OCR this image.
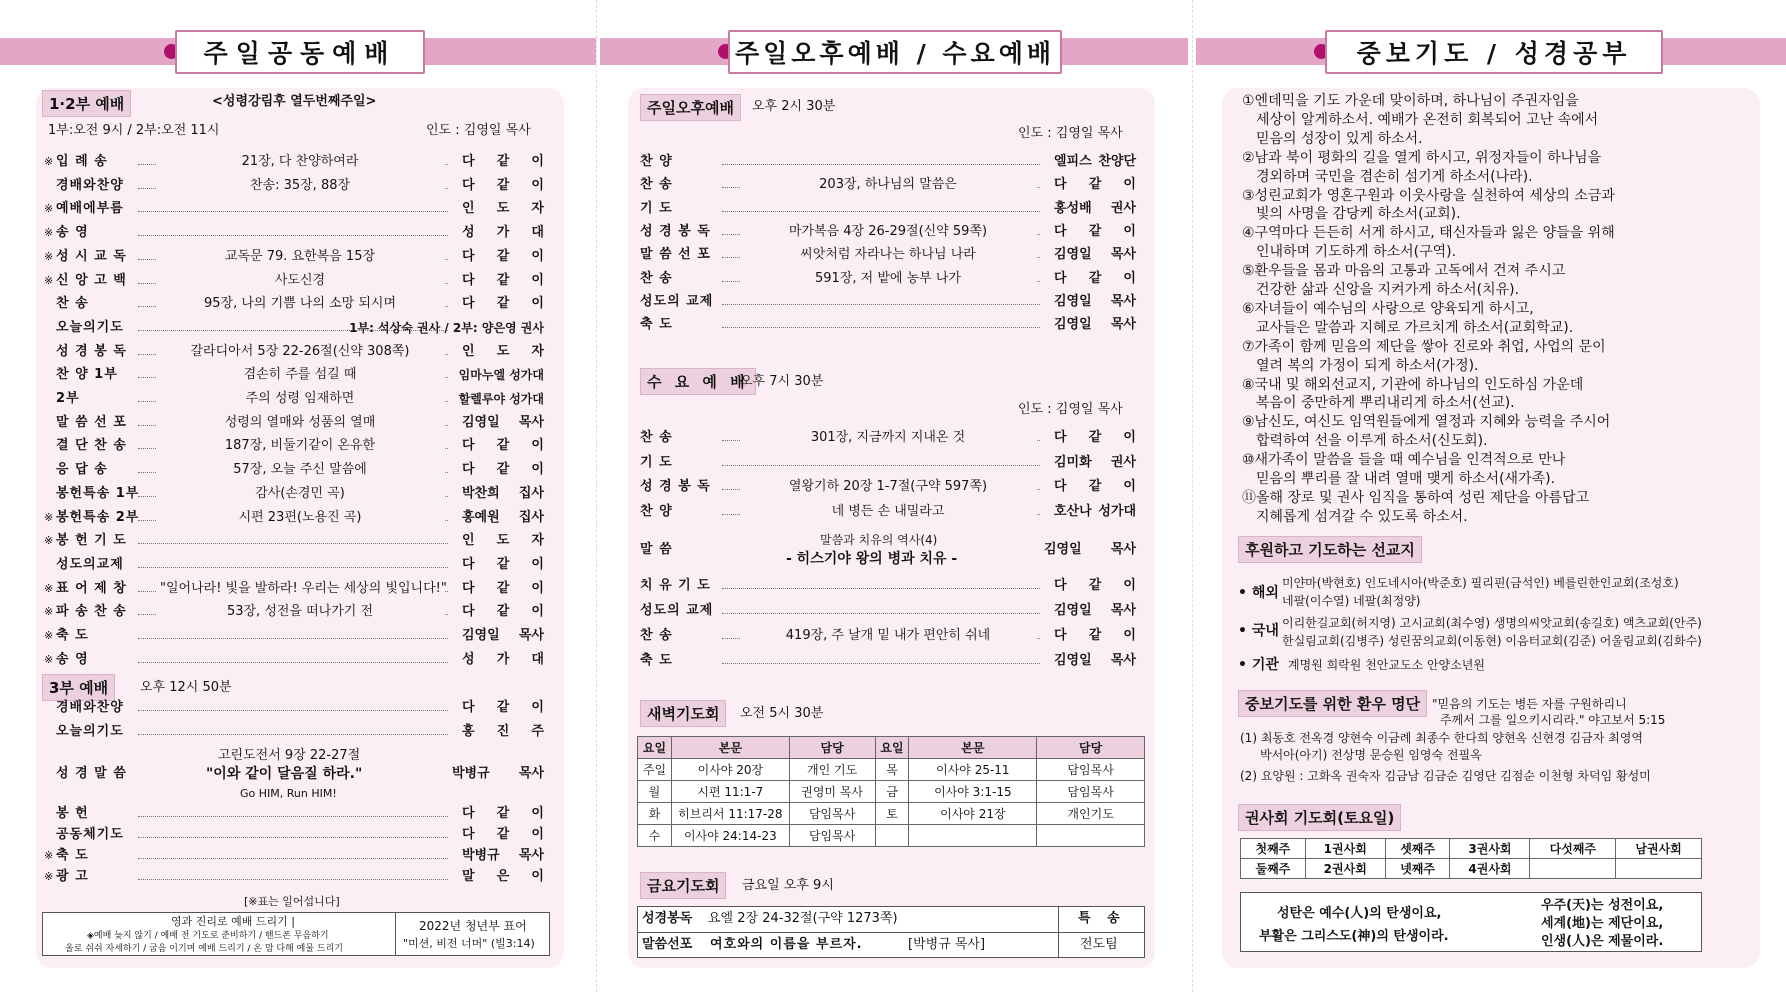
주일공동예배	주일오후예배 / 수요예배	중보기도 / 성경공부
1·2부 예배	<성령강림후 열두번째주일>
1부:오전 9시 / 2부:오전 11시	인도 : 김영일 목사
※ 입 례 송	21장, 다 찬양하여라	다 같 이
경배와찬양	찬송: 35장, 88장	다 같 이
※ 예배에부름	인 도 자
※ 송 영	성 가 대
※ 성 시 교 독	교독문 79. 요한복음 15장	다 같 이
※ 신 앙 고 백	사도신경	다 같 이
찬 송	95장, 나의 기쁨 나의 소망 되시며	다 같 이
오늘의기도	1부: 석상숙 권사 / 2부: 양은영 권사
성 경 봉 독	갈라디아서 5장 22-26절(신약 308쪽)	인 도 자
찬 양 1부	겸손히 주를 섬길 때	임마누엘 성가대
2부	주의 성령 임재하면	할렐루야 성가대
말 씀 선 포	성령의 열매와 성품의 열매	김영일 목사
결 단 찬 송	187장, 비둘기같이 온유한	다 같 이
응 답 송	57장, 오늘 주신 말씀에	다 같 이
봉헌특송 1부	감사(손경민 곡)	박찬희 집사
※ 봉헌특송 2부	시편 23편(노용진 곡)	홍예원 집사
※ 봉 헌 기 도	인 도 자
성도의교제	다 같 이
※ 표 어 제 창	"일어나라! 빛을 발하라! 우리는 세상의 빛입니다!" 다 같 이
※ 파 송 찬 송	53장, 성전을 떠나가기 전	다 같 이
※ 축 도	김영일 목사
※ 송 영	성 가 대
3부 예배	오후 12시 50분
경배와찬양	다 같 이
오늘의기도	홍 진 주
봉 헌	다 같 이
공동체기도	다 같 이
※ 축 도	박병규 목사
※ 광 고	말 은 이
성 경 말 씀	박병규 목사
고린도전서 9장 22-27절
"이와 같이 달음질 하라."
Go HIM, Run HIM!
[※표는 일어섭니다]
영과 진리로 예배 드리기 |
◈예배 늦지 않기 / 예배 전 기도로 준비하기 / 핸드폰 무음하기
올로 쉬쉬 자세하기 / 굽음 이기며 예배 드리기 / 온 맘 다해 예물 드리기
2022년 청년부 표어
"미션, 비전 너머" (빌3:14)
주일오후예배	오후 2시 30분
인도 : 김영일 목사
찬 양	엘피스 찬양단
찬 송	203장, 하나님의 말씀은	다 같 이
기 도	홍성배 권사
성 경 봉 독	마가복음 4장 26-29절(신약 59쪽)	다 같 이
말 씀 선 포	씨앗처럼 자라나는 하나님 나라	김영일 목사
찬 송	591장, 저 밭에 농부 나가	다 같 이
성도의 교제	김영일 목사
축 도	김영일 목사
수 요 예 배
오후 7시 30분
인도 : 김영일 목사
찬 송	301장, 지금까지 지내온 것	다 같 이
기 도	김미화 권사
성 경 봉 독	열왕기하 20장 1-7절(구약 597쪽)	다 같 이
찬 양	네 병든 손 내밀라고	호산나 성가대
말 씀	김영일 목사
말씀과 치유의 역사(4)
- 히스기야 왕의 병과 치유 -
치 유 기 도	다 같 이
성도의 교제	김영일 목사
찬 송	419장, 주 날개 밑 내가 편안히 쉬네	다 같 이
축 도	김영일 목사
새벽기도회	오전 5시 30분
요일	본문	담당	요일	본문	담당
주일	이사야 20장	개인 기도	목	이사야 25-11	담임목사
월	시편 11:1-7	권영미 목사	금	이사야 3:1-15	담임목사
화	히브리서 11:17-28	담임목사	토	이사야 21장	개인기도
수	이사야 24:14-23	담임목사			
금요기도회	금요일 오후 9시
성경봉독 요엘 2장 24-32절(구약 1273쪽)	특 송
말씀선포 여호와의 이름을 부르자.	[박병규 목사]	전도팀
①엔데믹을 기도 가운데 맞이하며, 하나님이 주권자임을
세상이 알게하소서. 예배가 온전히 회복되어 고난 속에서
믿음의 성장이 있게 하소서.
②남과 북이 평화의 길을 열게 하시고, 위정자들이 하나님을
경외하며 국민을 겸손히 섬기게 하소서(나라).
③성린교회가 영혼구원과 이웃사랑을 실천하여 세상의 소금과
빛의 사명을 감당케 하소서(교회).
④구역마다 든든히 서게 하시고, 태신자들과 잃은 양들을 위해
인내하며 기도하게 하소서(구역).
⑤환우들을 몸과 마음의 고통과 고독에서 건져 주시고
건강한 삶과 신앙을 지켜가게 하소서(치유).
⑥자녀들이 예수님의 사랑으로 양육되게 하시고,
교사들은 말씀과 지혜로 가르치게 하소서(교회학교).
⑦가족이 함께 믿음의 제단을 쌓아 진로와 취업, 사업의 문이
열려 복의 가정이 되게 하소서(가정).
⑧국내 및 해외선교지, 기관에 하나님의 인도하심 가운데
복음이 중만하게 뿌리내리게 하소서(선교).
⑨남신도, 여신도 임역원들에게 열정과 지혜와 능력을 주시어
합력하여 선을 이루게 하소서(신도회).
⑩새가족이 말씀을 들을 때 예수님을 인격적으로 만나
믿음의 뿌리를 잘 내려 열매 맺게 하소서(새가족).
⑪올해 장로 및 권사 임직을 통하여 성린 제단을 아름답고
지혜롭게 섬겨갈 수 있도록 하소서.
후원하고 기도하는 선교지
• 해외
미얀마(박현호) 인도네시아(박준호) 필리핀(금석인) 베를린한인교회(조성호)
네팔(이수열) 네팔(최정양)
• 국내 이리한길교회(허지영) 고시교회(최수영) 생명의씨앗교회(송길호) 액츠교회(안주)
한실림교회(김병주) 성린꿈의교회(이동현) 이음터교회(김준) 어울림교회(김화수)
• 기관 계명원 희락원 천안교도소 안양소년원
중보기도를 위한 환우 명단 "믿음의 기도는 병든 자를 구원하리니
주께서 그를 일으키시리라." 야고보서 5:15
(1) 최동호 전옥경 양현숙 이금례 최종수 한다희 양현옥 신현경 김금자 최영역
박서아(아기) 전상명 문승원 임영숙 전필옥
(2) 요양원 : 고화옥 권숙자 김금남 김금순 김영단 김점순 이천형 차덕임 황성미
권사회 기도회(토요일)
첫째주	1권사회	셋째주	3권사회	다섯째주	남권사회
둘째주	2권사회	넷째주	4권사회		
성탄은 예수(人)의 탄생이요,
부활은 그리스도(神)의 탄생이라.
우주(天)는 성전이요,
세계(地)는 제단이요,
인생(人)은 제물이라.
